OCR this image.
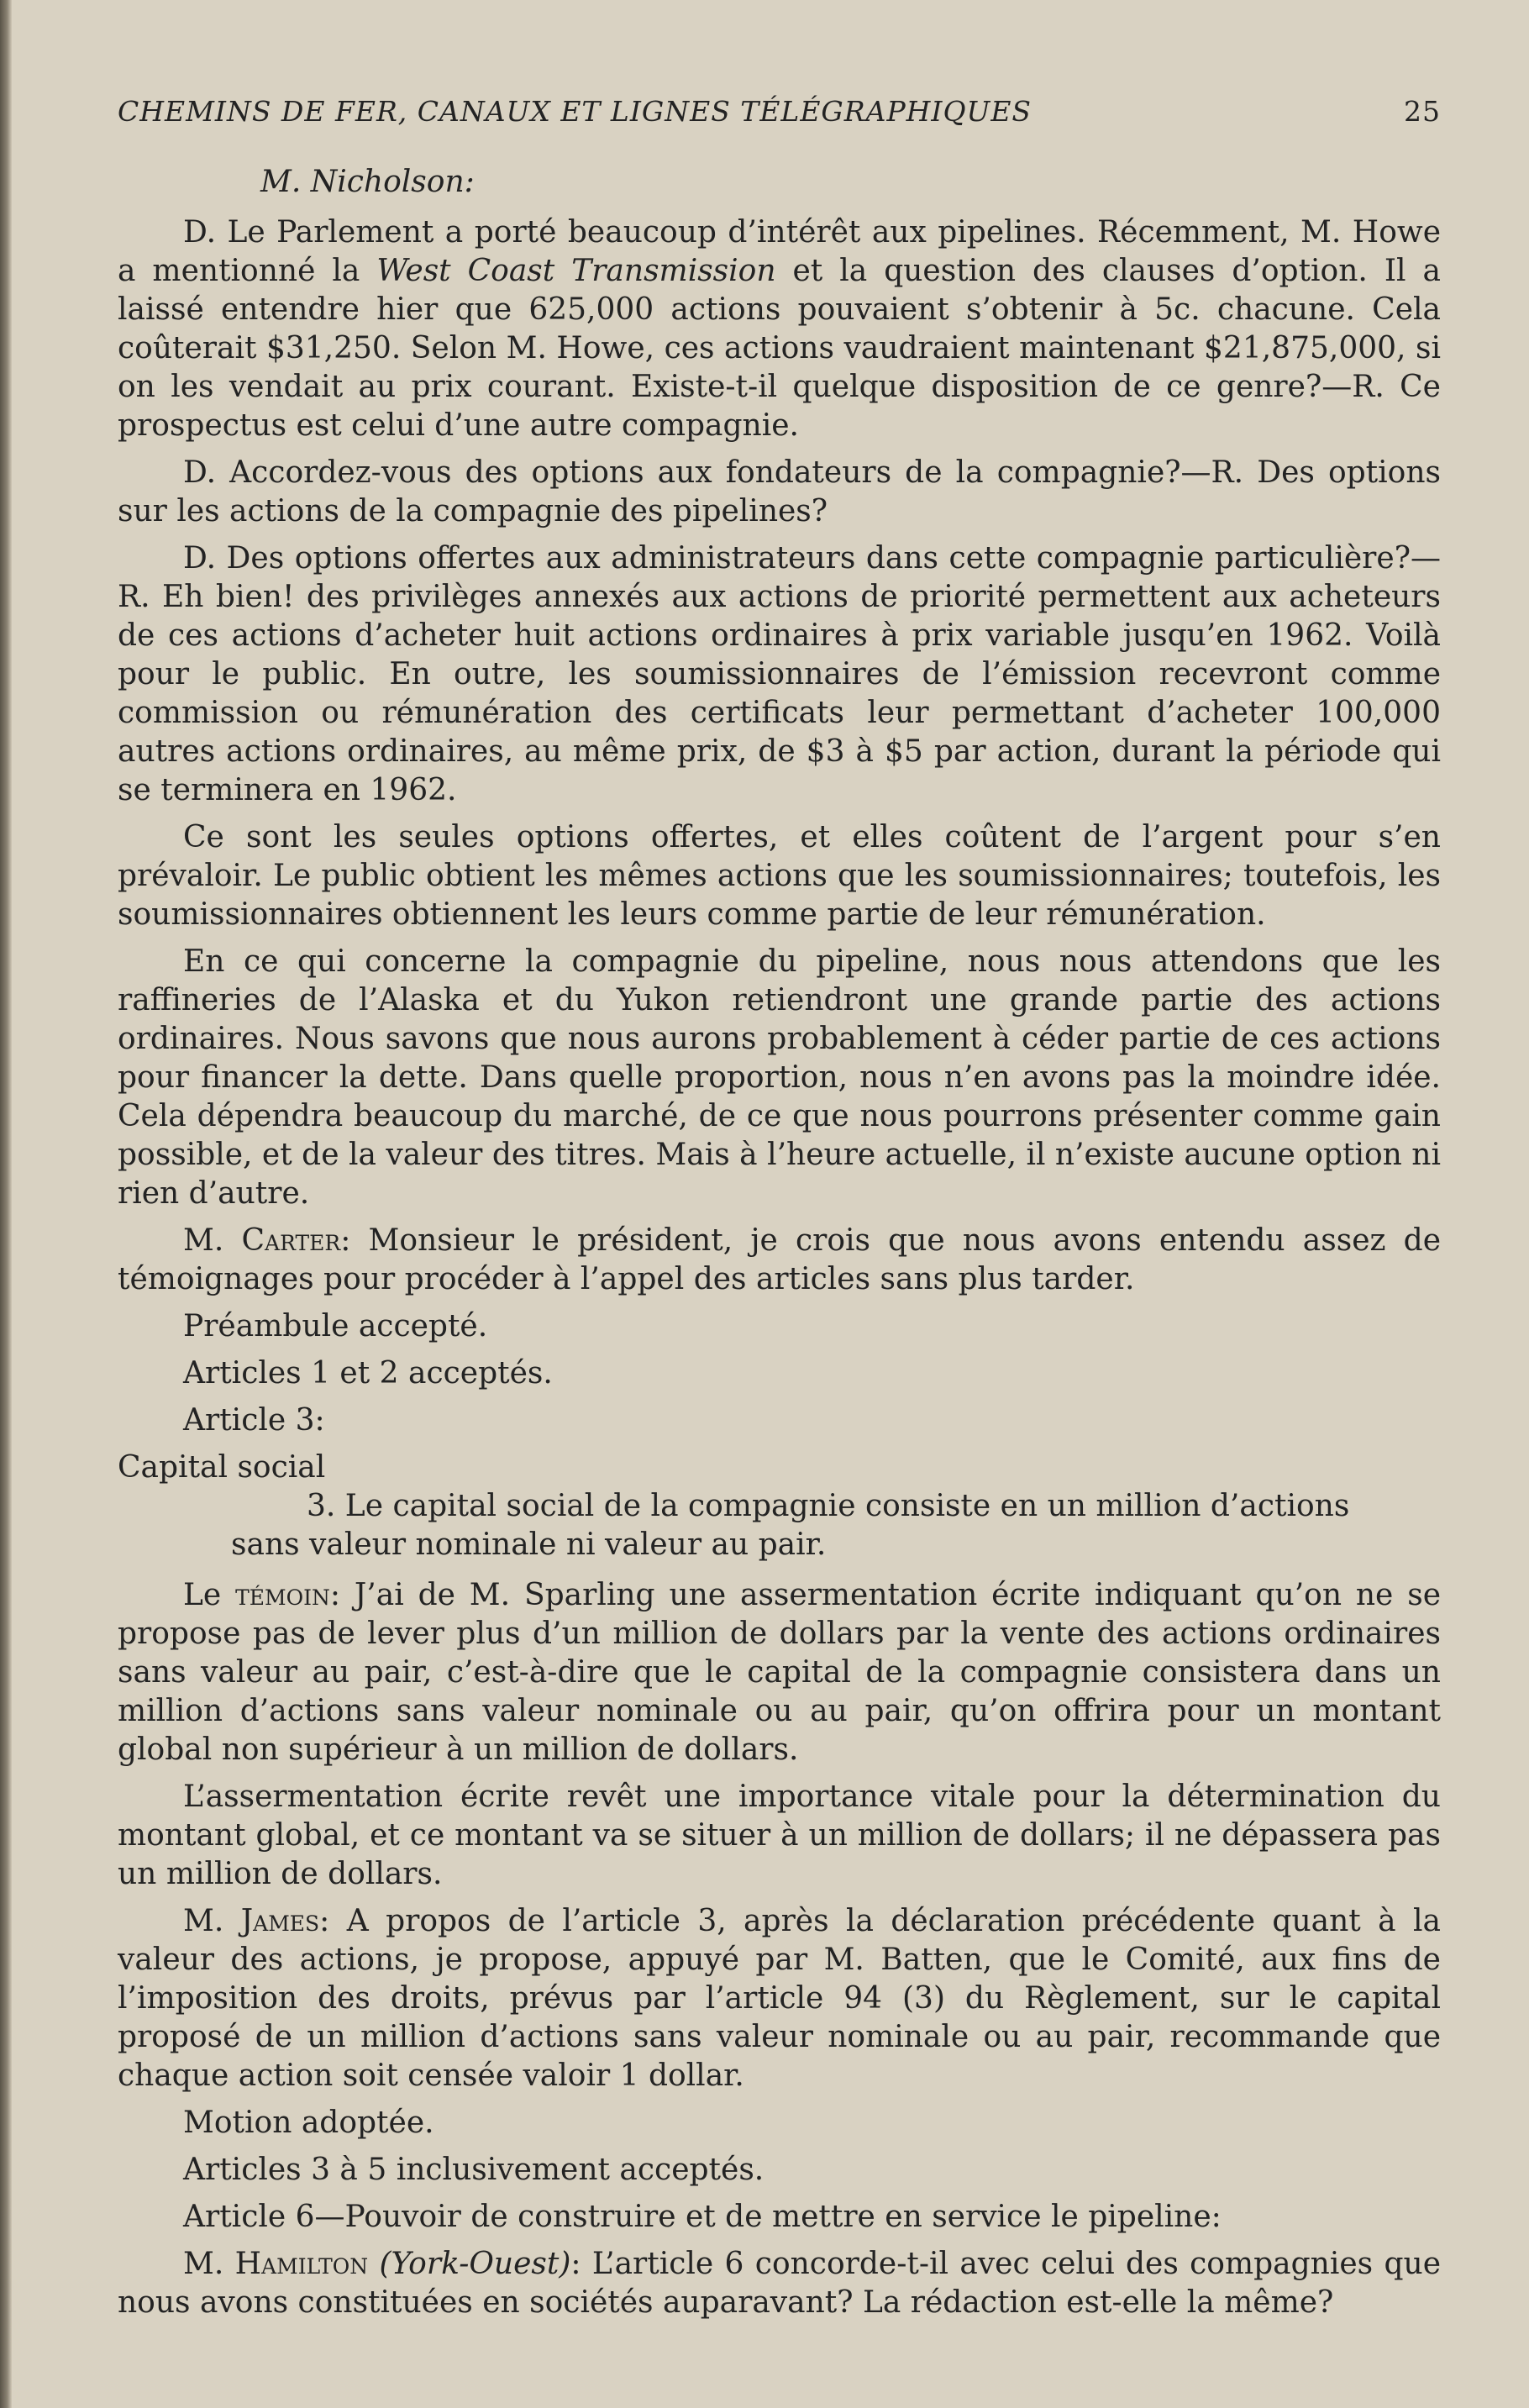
CHEMINS DE FER, CANAUX ET LIGNES TÉLÉGRAPHIQUES	25

M. Nicholson:

D. Le Parlement a porté beaucoup d’intérêt aux pipelines. Récemment, M. Howe a mentionné la West Coast Transmission et la question des clauses d’option. Il a laissé entendre hier que 625,000 actions pouvaient s’obtenir à 5c. chacune. Cela coûterait $31,250. Selon M. Howe, ces actions vaudraient maintenant $21,875,000, si on les vendait au prix courant. Existe-t-il quelque disposition de ce genre?—R. Ce prospectus est celui d’une autre compagnie.

D. Accordez-vous des options aux fondateurs de la compagnie?—R. Des options sur les actions de la compagnie des pipelines?

D. Des options offertes aux administrateurs dans cette compagnie particulière?—R. Eh bien! des privilèges annexés aux actions de priorité permettent aux acheteurs de ces actions d’acheter huit actions ordinaires à prix variable jusqu’en 1962. Voilà pour le public. En outre, les soumissionnaires de l’émission recevront comme commission ou rémunération des certificats leur permettant d’acheter 100,000 autres actions ordinaires, au même prix, de $3 à $5 par action, durant la période qui se terminera en 1962.

Ce sont les seules options offertes, et elles coûtent de l’argent pour s’en prévaloir. Le public obtient les mêmes actions que les soumissionnaires; toutefois, les soumissionnaires obtiennent les leurs comme partie de leur rémunération.

En ce qui concerne la compagnie du pipeline, nous nous attendons que les raffineries de l’Alaska et du Yukon retiendront une grande partie des actions ordinaires. Nous savons que nous aurons probablement à céder partie de ces actions pour financer la dette. Dans quelle proportion, nous n’en avons pas la moindre idée. Cela dépendra beaucoup du marché, de ce que nous pourrons présenter comme gain possible, et de la valeur des titres. Mais à l’heure actuelle, il n’existe aucune option ni rien d’autre.

M. Carter: Monsieur le président, je crois que nous avons entendu assez de témoignages pour procéder à l’appel des articles sans plus tarder.

Préambule accepté.

Articles 1 et 2 acceptés.

Article 3:

Capital social

3. Le capital social de la compagnie consiste en un million d’actions
sans valeur nominale ni valeur au pair.

Le témoin: J’ai de M. Sparling une assermentation écrite indiquant qu’on ne se propose pas de lever plus d’un million de dollars par la vente des actions ordinaires sans valeur au pair, c’est-à-dire que le capital de la compagnie consistera dans un million d’actions sans valeur nominale ou au pair, qu’on offrira pour un montant global non supérieur à un million de dollars.

L’assermentation écrite revêt une importance vitale pour la détermination du montant global, et ce montant va se situer à un million de dollars; il ne dépassera pas un million de dollars.

M. James: A propos de l’article 3, après la déclaration précédente quant à la valeur des actions, je propose, appuyé par M. Batten, que le Comité, aux fins de l’imposition des droits, prévus par l’article 94 (3) du Règlement, sur le capital proposé de un million d’actions sans valeur nominale ou au pair, recommande que chaque action soit censée valoir 1 dollar.

Motion adoptée.

Articles 3 à 5 inclusivement acceptés.

Article 6—Pouvoir de construire et de mettre en service le pipeline:

M. Hamilton (York-Ouest): L’article 6 concorde-t-il avec celui des compagnies que nous avons constituées en sociétés auparavant? La rédaction est-elle la même?
